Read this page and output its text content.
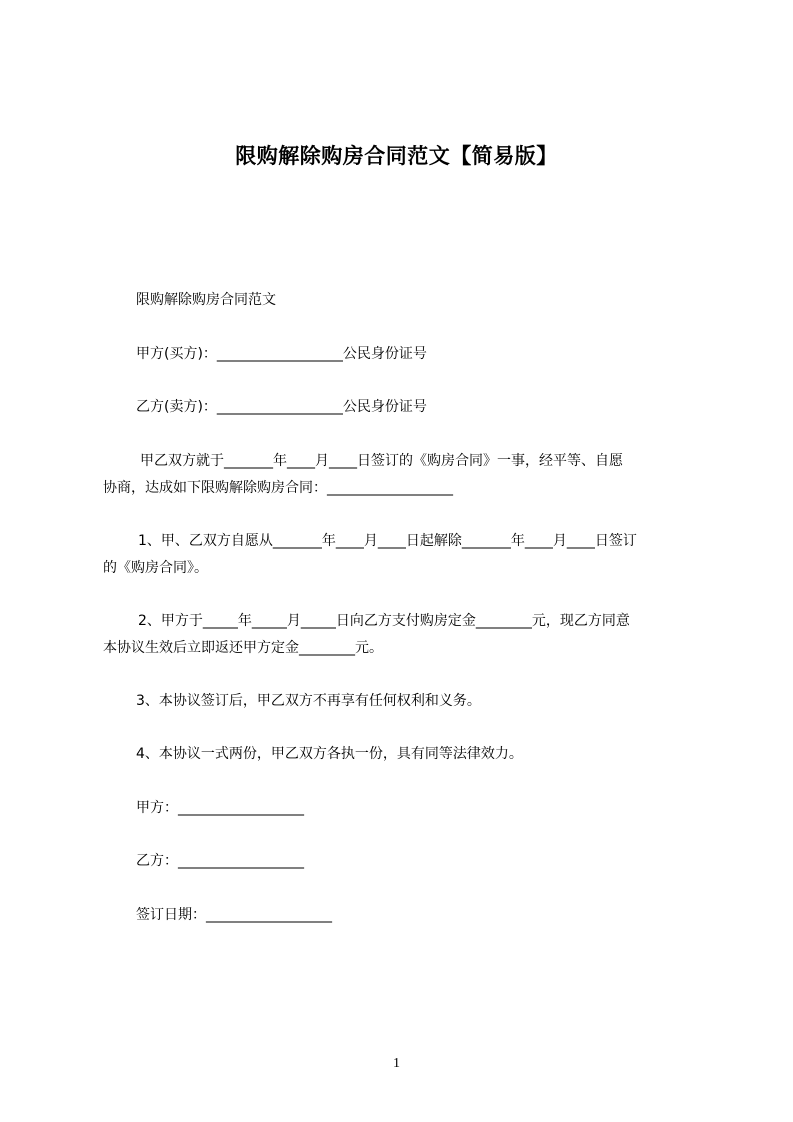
限购解除购房合同范文【简易版】

限购解除购房合同范文

甲方(买方)：__________________公民身份证号

乙方(卖方)：__________________公民身份证号

甲乙双方就于_______年____月____日签订的《购房合同》一事，经平等、自愿

协商，达成如下限购解除购房合同：__________________

1、甲、乙双方自愿从_______年____月____日起解除_______年____月____日签订

的《购房合同》。

2、甲方于_____年_____月_____日向乙方支付购房定金________元，现乙方同意

本协议生效后立即返还甲方定金________元。

3、本协议签订后，甲乙双方不再享有任何权利和义务。

4、本协议一式两份，甲乙双方各执一份，具有同等法律效力。

甲方：__________________

乙方：__________________

签订日期：__________________

1
